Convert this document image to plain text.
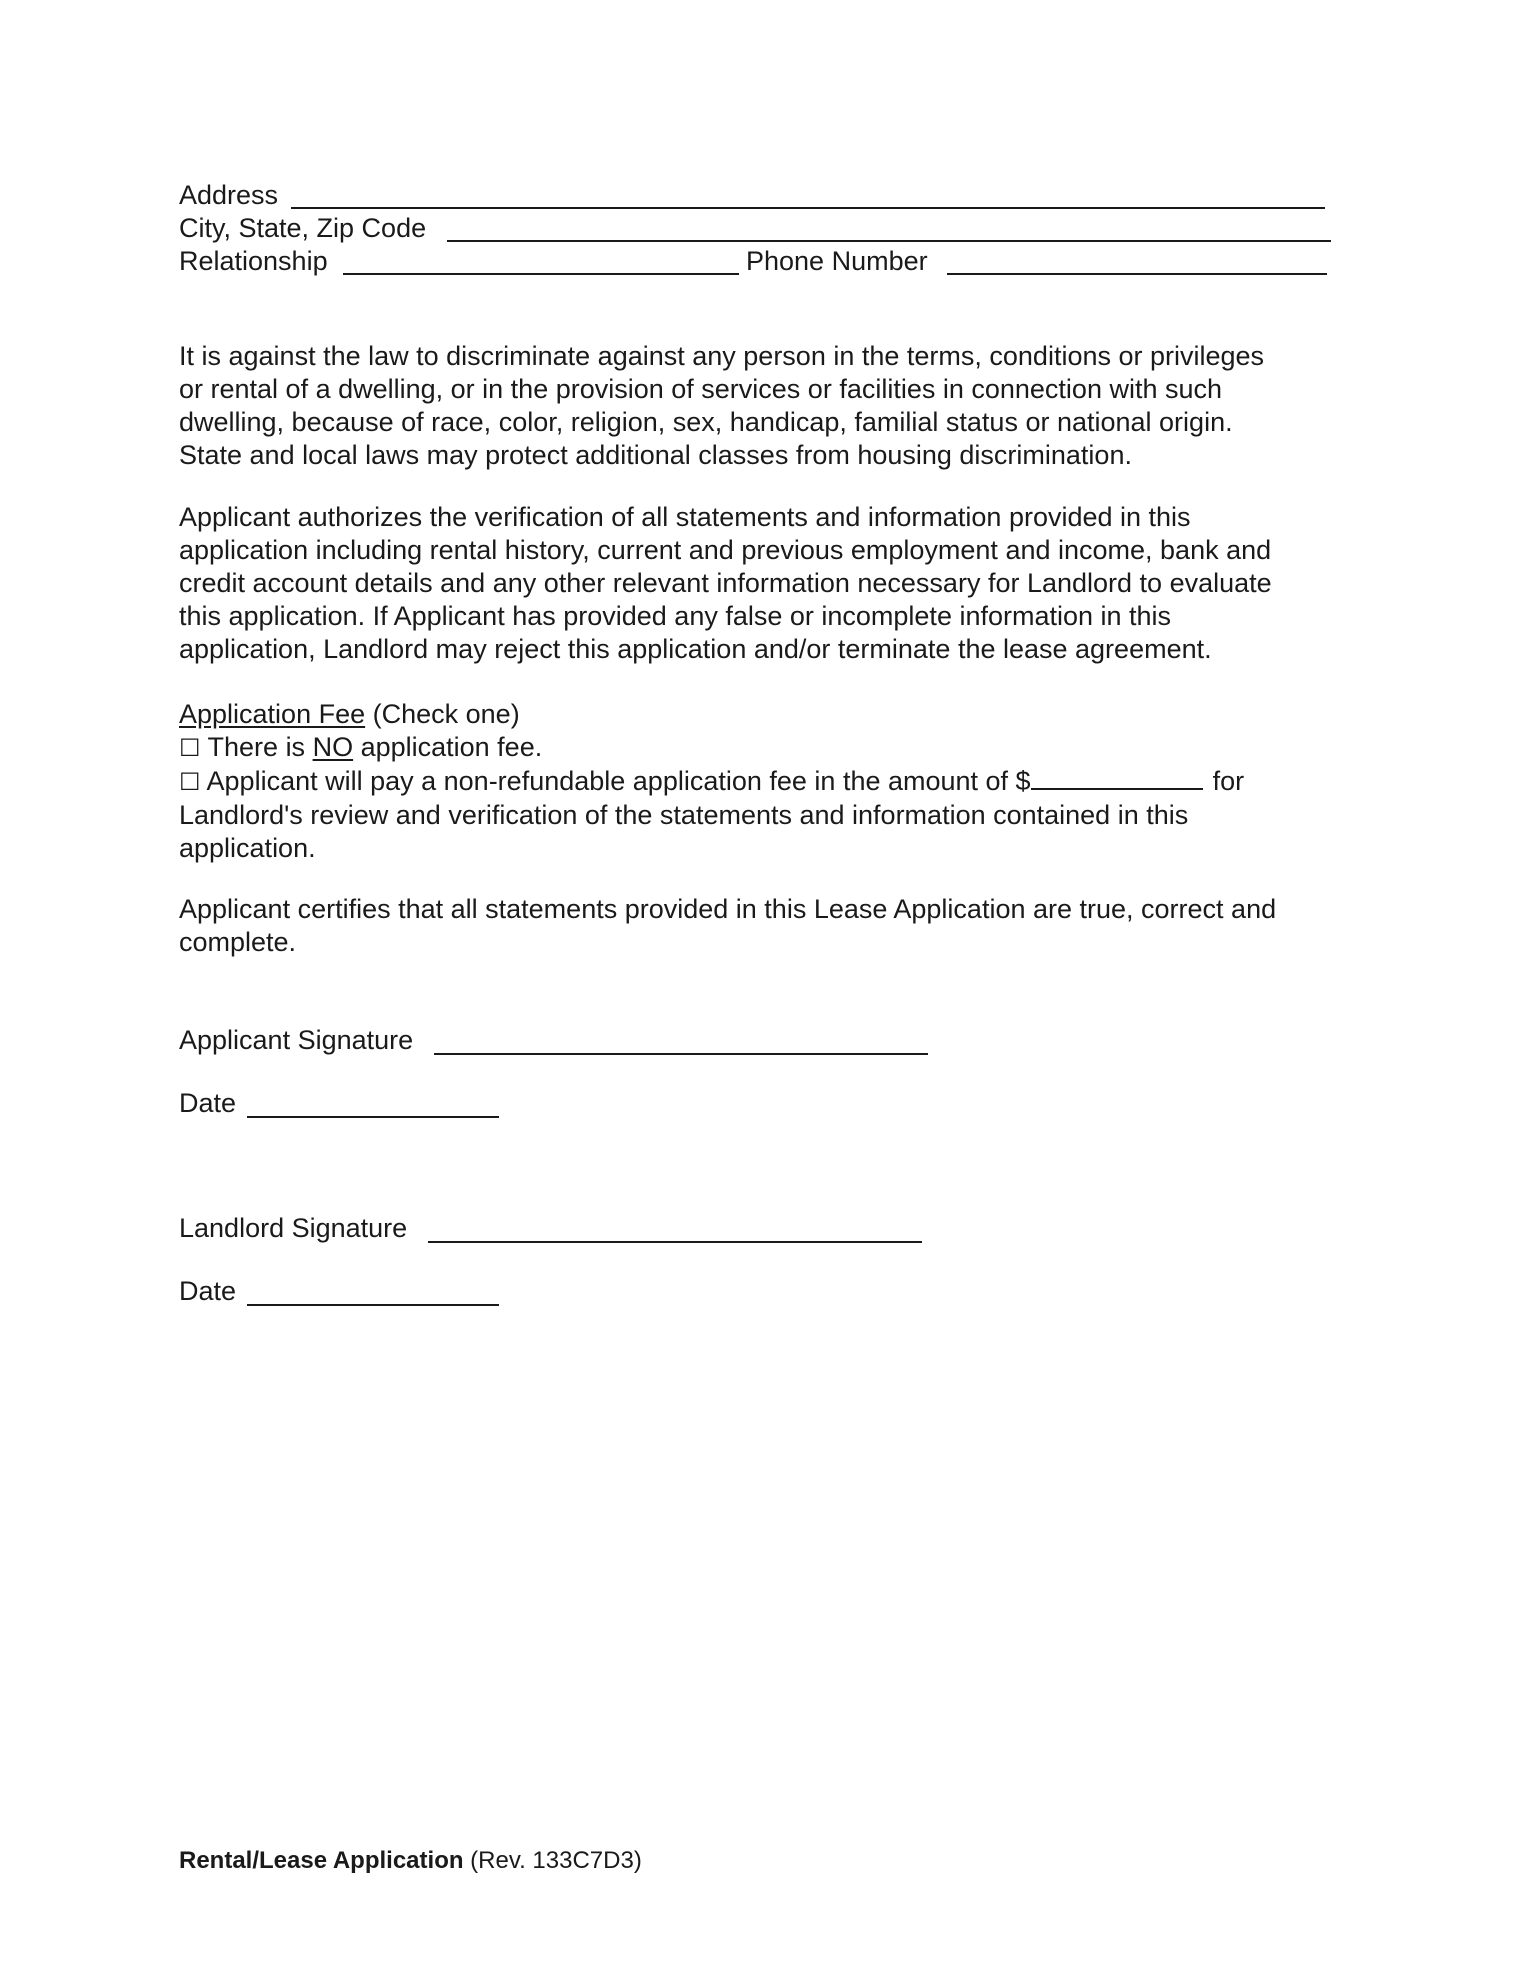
Address
City, State, Zip Code
Relationship	Phone Number
It is against the law to discriminate against any person in the terms, conditions or privileges
or rental of a dwelling, or in the provision of services or facilities in connection with such
dwelling, because of race, color, religion, sex, handicap, familial status or national origin.
State and local laws may protect additional classes from housing discrimination.
Applicant authorizes the verification of all statements and information provided in this
application including rental history, current and previous employment and income, bank and
credit account details and any other relevant information necessary for Landlord to evaluate
this application. If Applicant has provided any false or incomplete information in this
application, Landlord may reject this application and/or terminate the lease agreement.
Application Fee (Check one)
☐ There is NO application fee.
☐ Applicant will pay a non-refundable application fee in the amount of $	for
Landlord's review and verification of the statements and information contained in this
application.
Applicant certifies that all statements provided in this Lease Application are true, correct and
complete.
Applicant Signature
Date
Landlord Signature
Date
Rental/Lease Application (Rev. 133C7D3)
